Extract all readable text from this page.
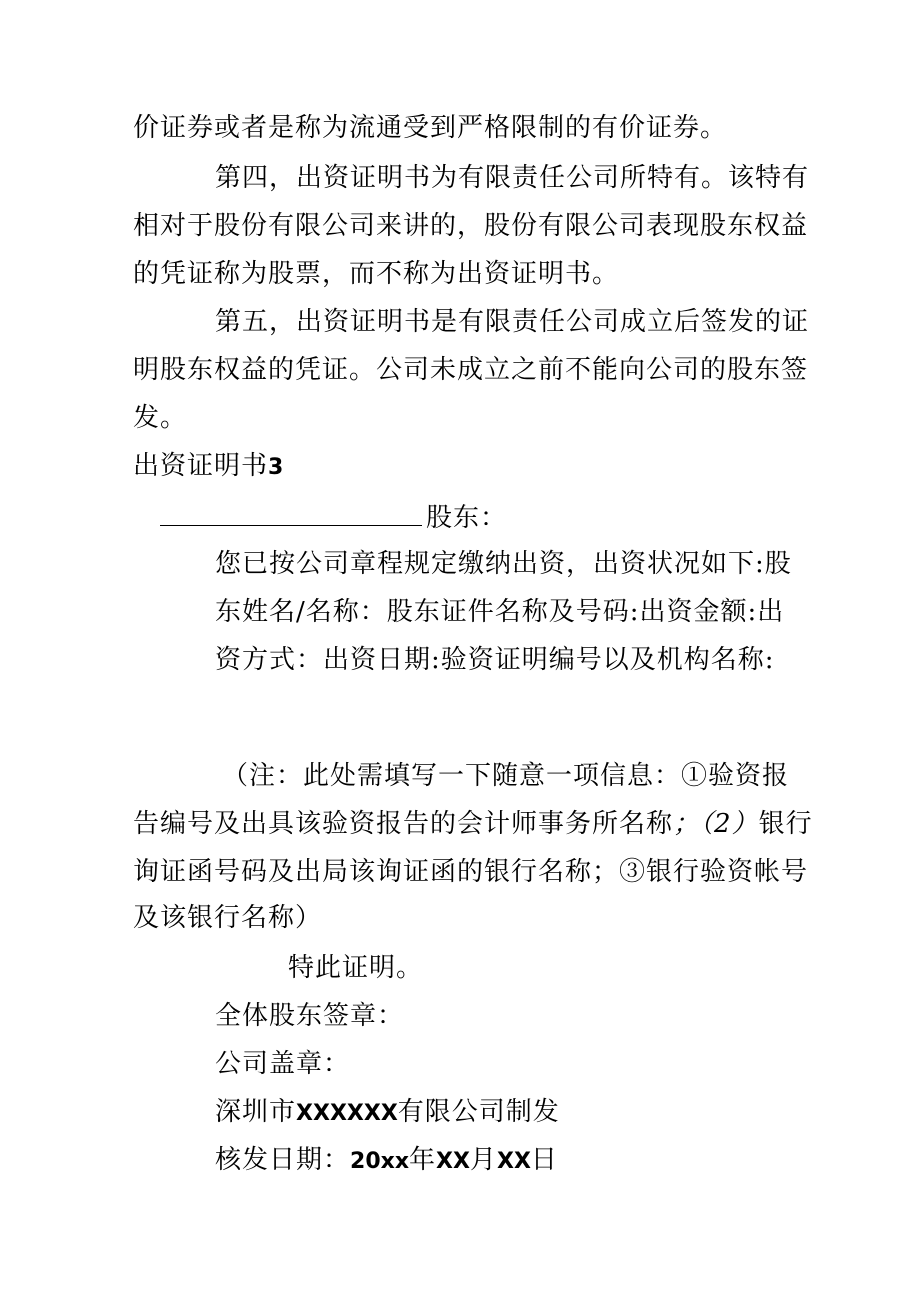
价证券或者是称为流通受到严格限制的有价证券。
第四，出资证明书为有限责任公司所特有。该特有
相对于股份有限公司来讲的，股份有限公司表现股东权益
的凭证称为股票，而不称为出资证明书。
第五，出资证明书是有限责任公司成立后签发的证
明股东权益的凭证。公司未成立之前不能向公司的股东签
发。
出资证明书3
股东：
您已按公司章程规定缴纳出资，出资状况如下:股
东姓名/名称：股东证件名称及号码:出资金额:出
资方式：出资日期:验资证明编号以及机构名称:
（注：此处需填写一下随意一项信息：①验资报
告编号及出具该验资报告的会计师事务所名称；（2）银行
询证函号码及出局该询证函的银行名称；③银行验资帐号
及该银行名称）
特此证明。
全体股东签章：
公司盖章：
深圳市XXXXXX有限公司制发
核发日期：20xx年XX月XX日
